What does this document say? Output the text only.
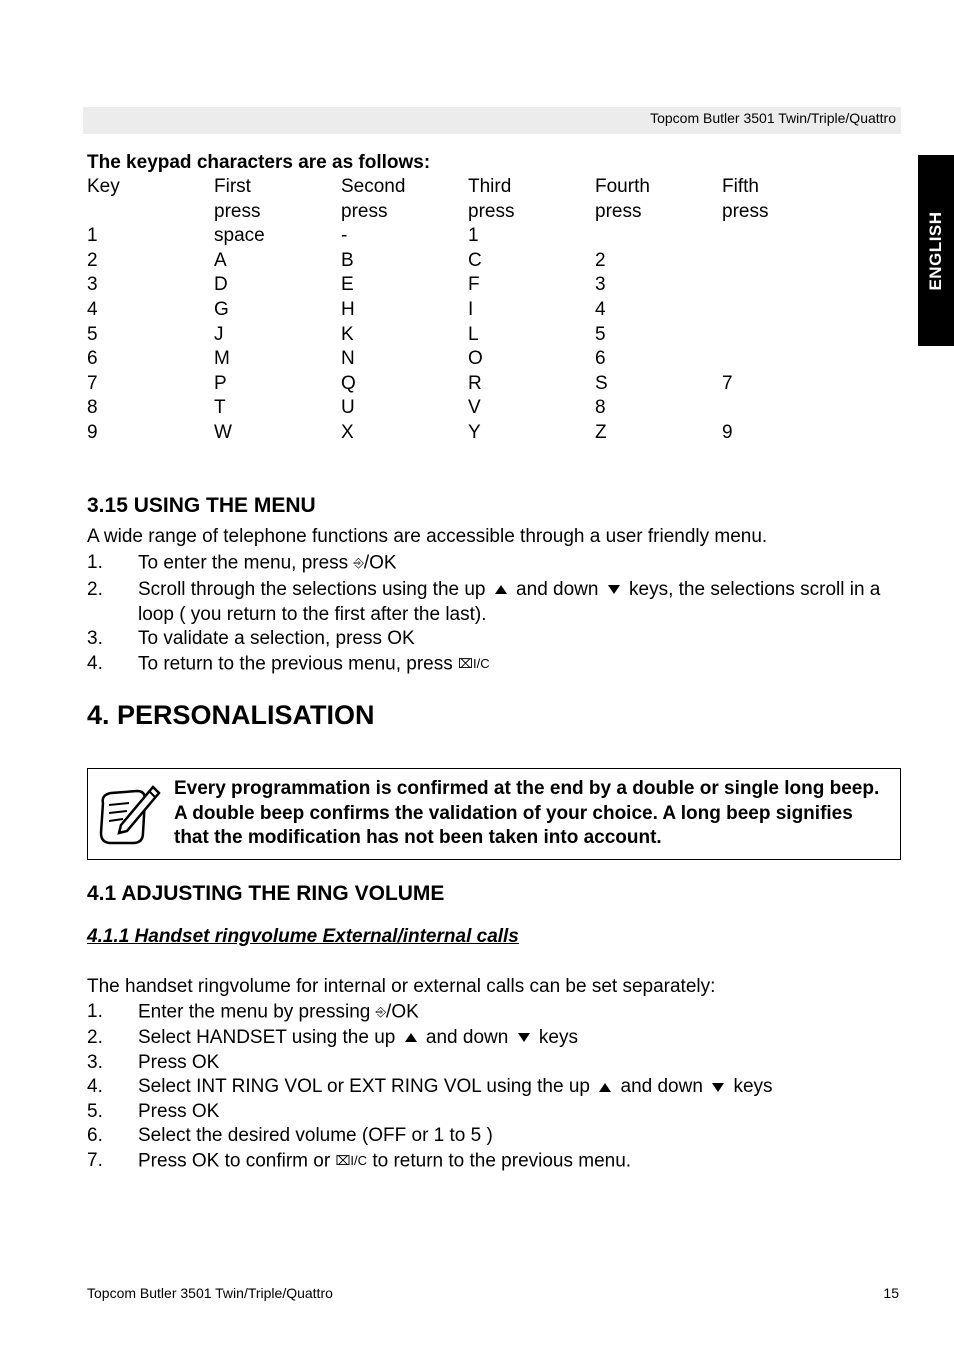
Topcom Butler 3501 Twin/Triple/Quattro
ENGLISH
The keypad characters are as follows:
Key	First	Second	Third	Fourth	Fifth
	press	press	press	press	press
1	space	-	1		
2	A	B	C	2	
3	D	E	F	3	
4	G	H	I	4	
5	J	K	L	5	
6	M	N	O	6	
7	P	Q	R	S	7
8	T	U	V	8	
9	W	X	Y	Z	9
3.15 USING THE MENU
A wide range of telephone functions are accessible through a user friendly menu.
1. To enter the menu, press ⎆/OK
2. Scroll through the selections using the up  and down  keys, the selections scroll in a loop ( you return to the first after the last).
3. To validate a selection, press OK
4. To return to the previous menu, press ⌧I/C
4. PERSONALISATION
Every programmation is confirmed at the end by a double or single long beep. A double beep confirms the validation of your choice. A long beep signifies that the modification has not been taken into account.
4.1 ADJUSTING THE RING VOLUME
4.1.1 Handset ringvolume External/internal calls
The handset ringvolume for internal or external calls can be set separately:
1. Enter the menu by pressing ⎆/OK
2. Select HANDSET using the up  and down  keys
3. Press OK
4. Select INT RING VOL or EXT RING VOL using the up  and down  keys
5. Press OK
6. Select the desired volume (OFF or 1 to 5 )
7. Press OK to confirm or ⌧I/C to return to the previous menu.
Topcom Butler 3501 Twin/Triple/Quattro	15
